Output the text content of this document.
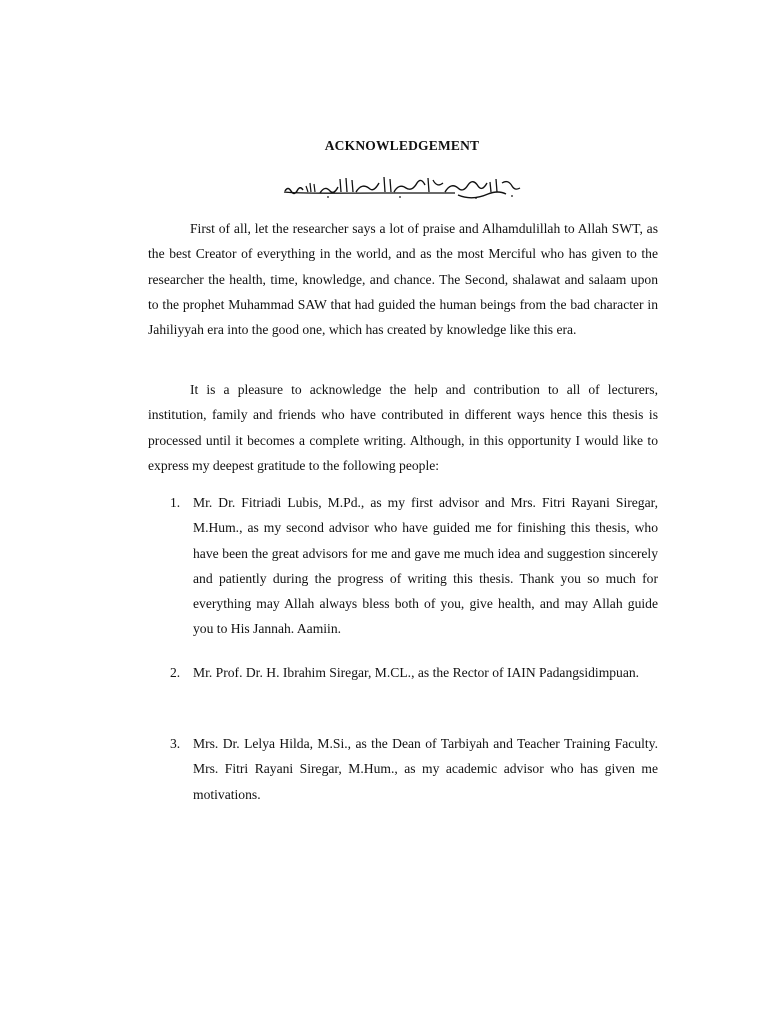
ACKNOWLEDGEMENT

First of all, let the researcher says a lot of praise and Alhamdulillah to Allah SWT, as the best Creator of everything in the world, and as the most Merciful who has given to the researcher the health, time, knowledge, and chance. The Second, shalawat and salaam upon to the prophet Muhammad SAW that had guided the human beings from the bad character in Jahiliyyah era into the good one, which has created by knowledge like this era.

It is a pleasure to acknowledge the help and contribution to all of lecturers, institution, family and friends who have contributed in different ways hence this thesis is processed until it becomes a complete writing. Although, in this opportunity I would like to express my deepest gratitude to the following people:

1. Mr. Dr. Fitriadi Lubis, M.Pd., as my first advisor and Mrs. Fitri Rayani Siregar, M.Hum., as my second advisor who have guided me for finishing this thesis, who have been the great advisors for me and gave me much idea and suggestion sincerely and patiently during the progress of writing this thesis. Thank you so much for everything may Allah always bless both of you, give health, and may Allah guide you to His Jannah. Aamiin.

2. Mr. Prof. Dr. H. Ibrahim Siregar, M.CL., as the Rector of IAIN Padangsidimpuan.

3. Mrs. Dr. Lelya Hilda, M.Si., as the Dean of Tarbiyah and Teacher Training Faculty. Mrs. Fitri Rayani Siregar, M.Hum., as my academic advisor who has given me motivations.
